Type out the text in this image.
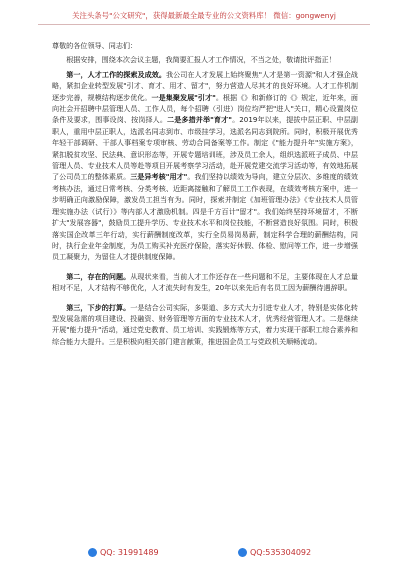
关注头条号"公文研究"，获得最新最全最专业的公文资料库！ 微信：gongwenyj

尊敬的各位领导、同志们：

根据安排，围绕本次会议主题，我简要汇报人才工作情况，不当之处，敬请批评指正！

第一，人才工作的探索及成效。我公司在人才发展上始终聚焦"人才是第一资源"和人才强企战略，紧扣企业转型发展"引才、育才、用才、留才"，努力营造人尽其才的良好环境。人才工作机制逐步完善，规模结构逐步优化。一是集聚发展"引才"。根据《》和新修订的《》规定，近年来，面向社会开招聘中层管理人员、工作人员，每个招聘（引进）岗位均严把"进人"关口，精心设置岗位条件及要求，围事设岗、按岗择人。二是多措并举"育才"。2019年以来，提拔中层正职、中层副职人，重用中层正职人，选派名同志到市、市级挂学习，选派名同志到院所。同时，积极开展优秀年轻干部调研、干部人事档案专项审核、劳动合同备案等工作。制定《"能力提升年"实施方案》，紧扣脱贫攻坚、民法典、意识形态等，开展专题培训班，涉及员工余人，组织选派班子成员、中层管理人员、专业技术人员等赴等项目开展考察学习活动，赴开展党建交流学习活动等，有效地拓展了公司员工的整体素质。三是异考核"用才"。我们坚持以绩效为导向，建立分层次、多维度的绩效考核办法，通过日常考核、分类考核、近距离接触和了解员工工作表现，在绩效考核方案中，进一步明确正向激励保障，激发员工担当有为。同时，探索并制定《加班管理办法》《专业技术人员管理实施办法（试行）》等内部人才激励机制。四是千方百计"留才"。我们始终坚持环境留才，不断扩大"发展容器"，鼓励员工提升学历、专业技术水平和岗位技能，不断营造良好氛围。同时，积极落实国企改革三年行动，实行薪酬制度改革，实行全员易岗易薪，制定科学合理的薪酬结构，同时，执行企业年金制度，为员工购买补充医疗保险，落实好休假、体检、慰问等工作，进一步增强员工凝聚力，为留住人才提供制度保障。

第二，存在的问题。从现状来看，当前人才工作还存在一些问题和不足，主要体现在人才总量相对不足，人才结构不够优化，人才流失时有发生，20年以来先后有名员工因为薪酬待遇辞职。

第三，下步的打算。一是结合公司实际，多渠道、多方式大力引进专业人才，特别是实体化转型发展急需的项目建设、投融资、财务管理等方面的专业技术人才，优秀经营管理人才。二是继续开展"能力提升"活动，通过党史教育、员工培训、实践锻炼等方式，着力实现干部职工综合素养和综合能力大提升。三是积极向相关部门建言献策，推进国企员工与党政机关顺畅流动。

QQ: 31991489	QQ:535304092
